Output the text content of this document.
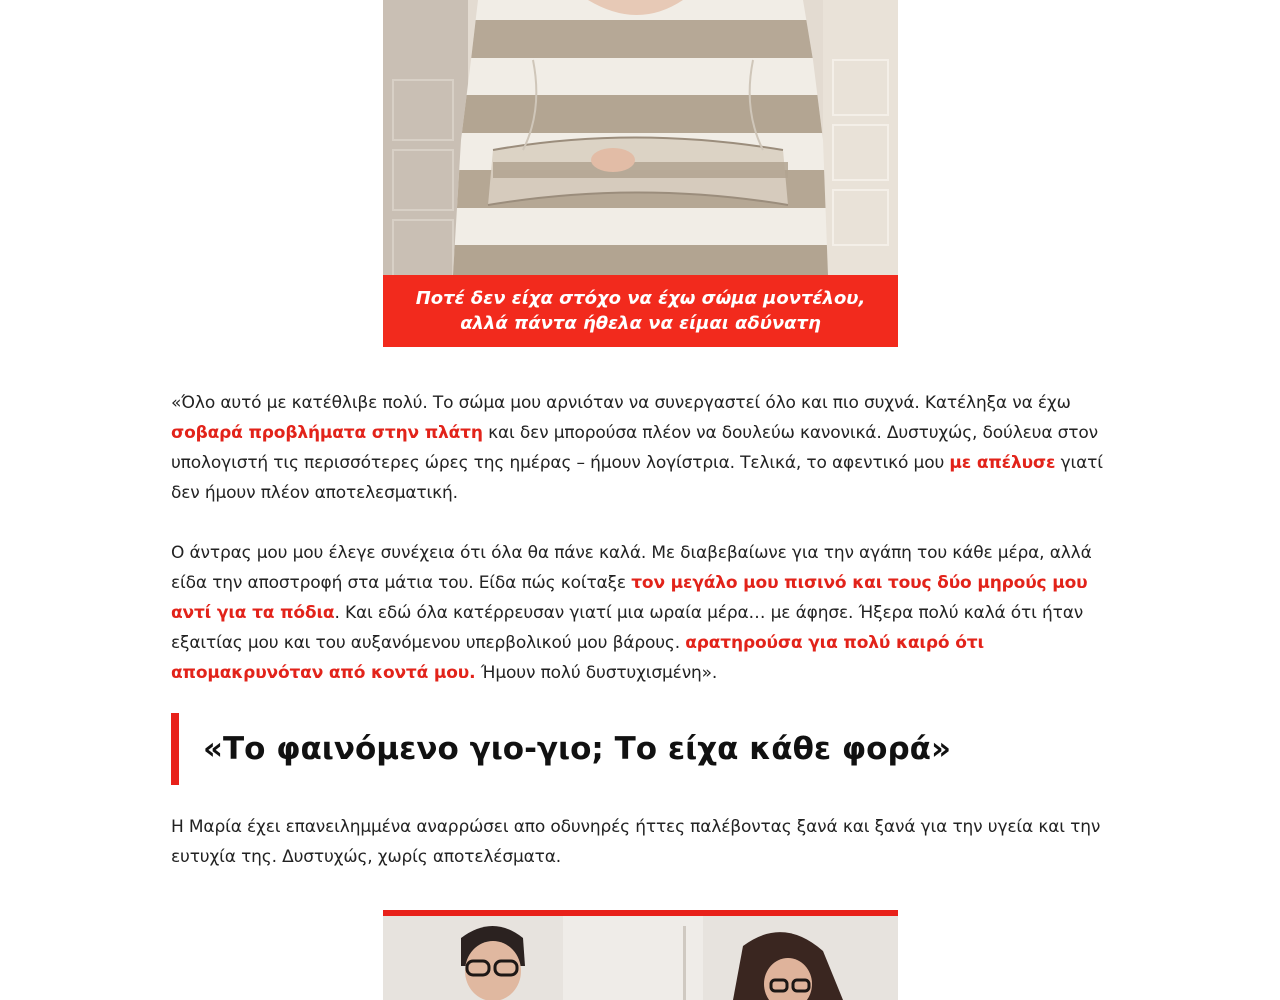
Ποτέ δεν είχα στόχο να έχω σώμα μοντέλου, αλλά πάντα ήθελα να είμαι αδύνατη

«Όλο αυτό με κατέθλιβε πολύ. Το σώμα μου αρνιόταν να συνεργαστεί όλο και πιο συχνά. Κατέληξα να έχω σοβαρά προβλήματα στην πλάτη και δεν μπορούσα πλέον να δουλεύω κανονικά. Δυστυχώς, δούλευα στον υπολογιστή τις περισσότερες ώρες της ημέρας – ήμουν λογίστρια. Τελικά, το αφεντικό μου με απέλυσε γιατί δεν ήμουν πλέον αποτελεσματική.

Ο άντρας μου μου έλεγε συνέχεια ότι όλα θα πάνε καλά. Με διαβεβαίωνε για την αγάπη του κάθε μέρα, αλλά είδα την αποστροφή στα μάτια του. Είδα πώς κοίταξε τον μεγάλο μου πισινό και τους δύο μηρούς μου αντί για τα πόδια. Και εδώ όλα κατέρρευσαν γιατί μια ωραία μέρα… με άφησε. Ήξερα πολύ καλά ότι ήταν εξαιτίας μου και του αυξανόμενου υπερβολικού μου βάρους. αρατηρούσα για πολύ καιρό ότι απομακρυνόταν από κοντά μου. Ήμουν πολύ δυστυχισμένη».

«Το φαινόμενο γιο-γιο; Το είχα κάθε φορά»

Η Μαρία έχει επανειλημμένα αναρρώσει απο οδυνηρές ήττες παλέβοντας ξανά και ξανά για την υγεία και την ευτυχία της. Δυστυχώς, χωρίς αποτελέσματα.
